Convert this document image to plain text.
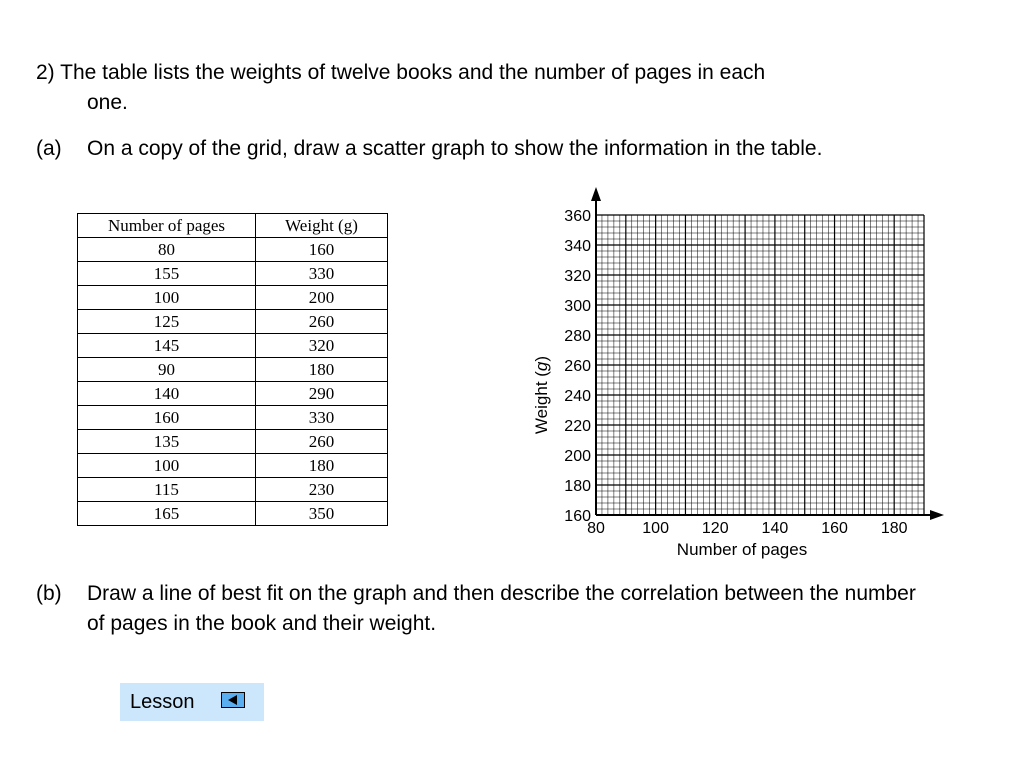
2) The table lists the weights of twelve books and the number of pages in each
one.
(a) On a copy of the grid, draw a scatter graph to show the information in the table.
Number of pages	Weight (g)
80	160
155	330
100	200
125	260
145	320
90	180
140	290
160	330
135	260
100	180
115	230
165	350
80 100 120 140 160 180
160
180
200
220
240
260
280
300
320
340
360
Number of pages
Weight (g)
(b) Draw a line of best fit on the graph and then describe the correlation between the number of pages in the book and their weight.
Lesson
